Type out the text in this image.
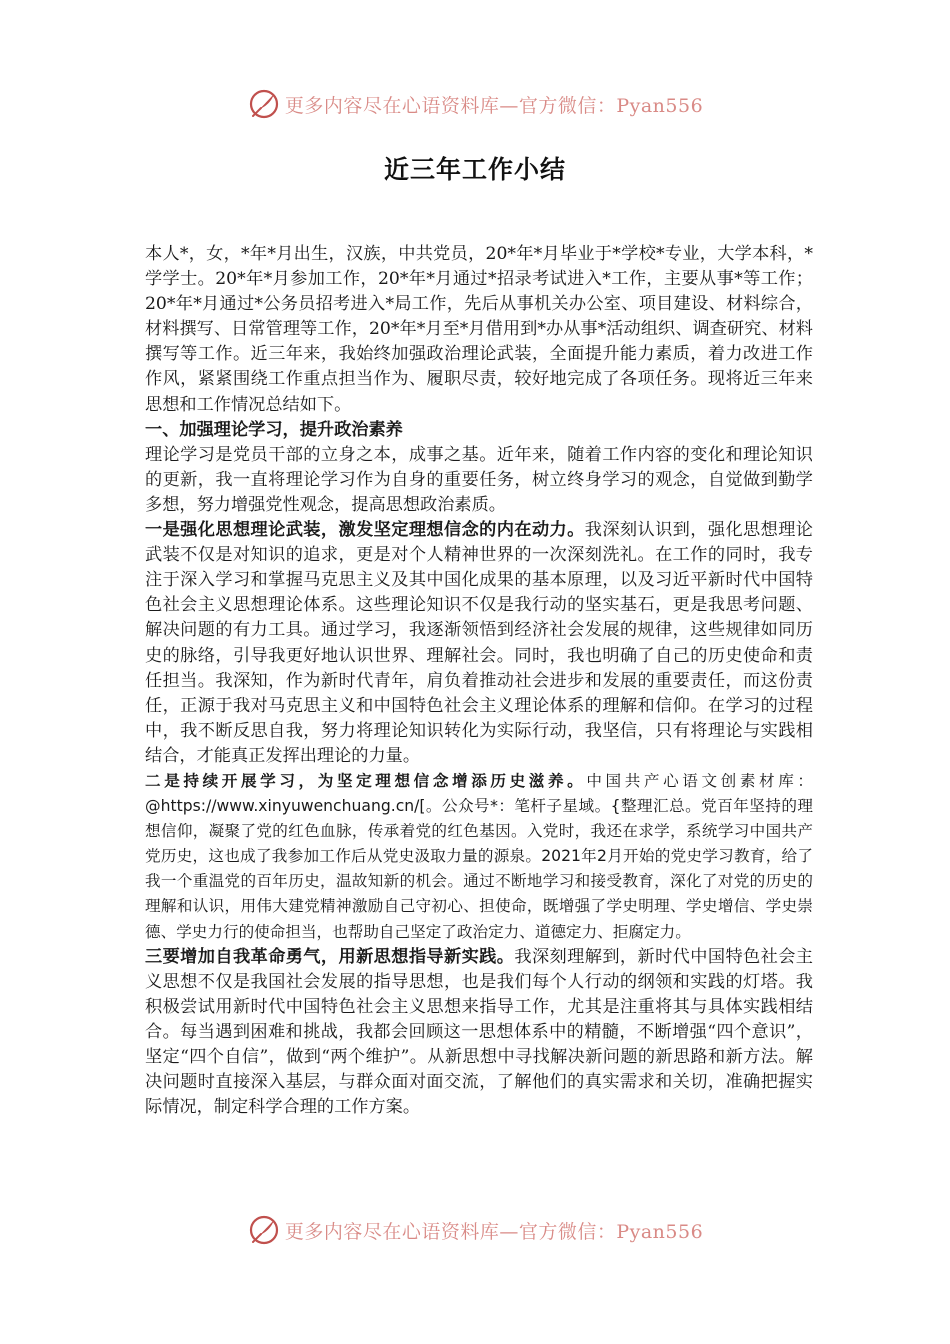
更多内容尽在心语资料库—官方微信：Pyan556
近三年工作小结

本人*，女，*年*月出生，汉族，中共党员，20*年*月毕业于*学校*专业，大学本科，*学学士。20*年*月参加工作，20*年*月通过*招录考试进入*工作，主要从事*等工作；20*年*月通过*公务员招考进入*局工作，先后从事机关办公室、项目建设、材料综合，材料撰写、日常管理等工作，20*年*月至*月借用到*办从事*活动组织、调查研究、材料撰写等工作。近三年来，我始终加强政治理论武装，全面提升能力素质，着力改进工作作风，紧紧围绕工作重点担当作为、履职尽责，较好地完成了各项任务。现将近三年来思想和工作情况总结如下。

一、加强理论学习，提升政治素养

理论学习是党员干部的立身之本，成事之基。近年来，随着工作内容的变化和理论知识的更新，我一直将理论学习作为自身的重要任务，树立终身学习的观念，自觉做到勤学多想，努力增强党性观念，提高思想政治素质。

一是强化思想理论武装，激发坚定理想信念的内在动力。我深刻认识到，强化思想理论武装不仅是对知识的追求，更是对个人精神世界的一次深刻洗礼。在工作的同时，我专注于深入学习和掌握马克思主义及其中国化成果的基本原理，以及习近平新时代中国特色社会主义思想理论体系。这些理论知识不仅是我行动的坚实基石，更是我思考问题、解决问题的有力工具。通过学习，我逐渐领悟到经济社会发展的规律，这些规律如同历史的脉络，引导我更好地认识世界、理解社会。同时，我也明确了自己的历史使命和责任担当。我深知，作为新时代青年，肩负着推动社会进步和发展的重要责任，而这份责任，正源于我对马克思主义和中国特色社会主义理论体系的理解和信仰。在学习的过程中，我不断反思自我，努力将理论知识转化为实际行动，我坚信，只有将理论与实践相结合，才能真正发挥出理论的力量。

二是持续开展学习，为坚定理想信念增添历史滋养。中国共产心语文创素材库：@https://www.xinyuwenchuang.cn/[。公众号*：笔杆子星域。{整理汇总。党百年坚持的理想信仰，凝聚了党的红色血脉，传承着党的红色基因。入党时，我还在求学，系统学习中国共产党历史，这也成了我参加工作后从党史汲取力量的源泉。2021年2月开始的党史学习教育，给了我一个重温党的百年历史，温故知新的机会。通过不断地学习和接受教育，深化了对党的历史的理解和认识，用伟大建党精神激励自己守初心、担使命，既增强了学史明理、学史增信、学史崇德、学史力行的使命担当，也帮助自己坚定了政治定力、道德定力、拒腐定力。

三要增加自我革命勇气，用新思想指导新实践。我深刻理解到，新时代中国特色社会主义思想不仅是我国社会发展的指导思想，也是我们每个人行动的纲领和实践的灯塔。我积极尝试用新时代中国特色社会主义思想来指导工作，尤其是注重将其与具体实践相结合。每当遇到困难和挑战，我都会回顾这一思想体系中的精髓，不断增强“四个意识”，坚定“四个自信”，做到“两个维护”。从新思想中寻找解决新问题的新思路和新方法。解决问题时直接深入基层，与群众面对面交流，了解他们的真实需求和关切，准确把握实际情况，制定科学合理的工作方案。

更多内容尽在心语资料库—官方微信：Pyan556
